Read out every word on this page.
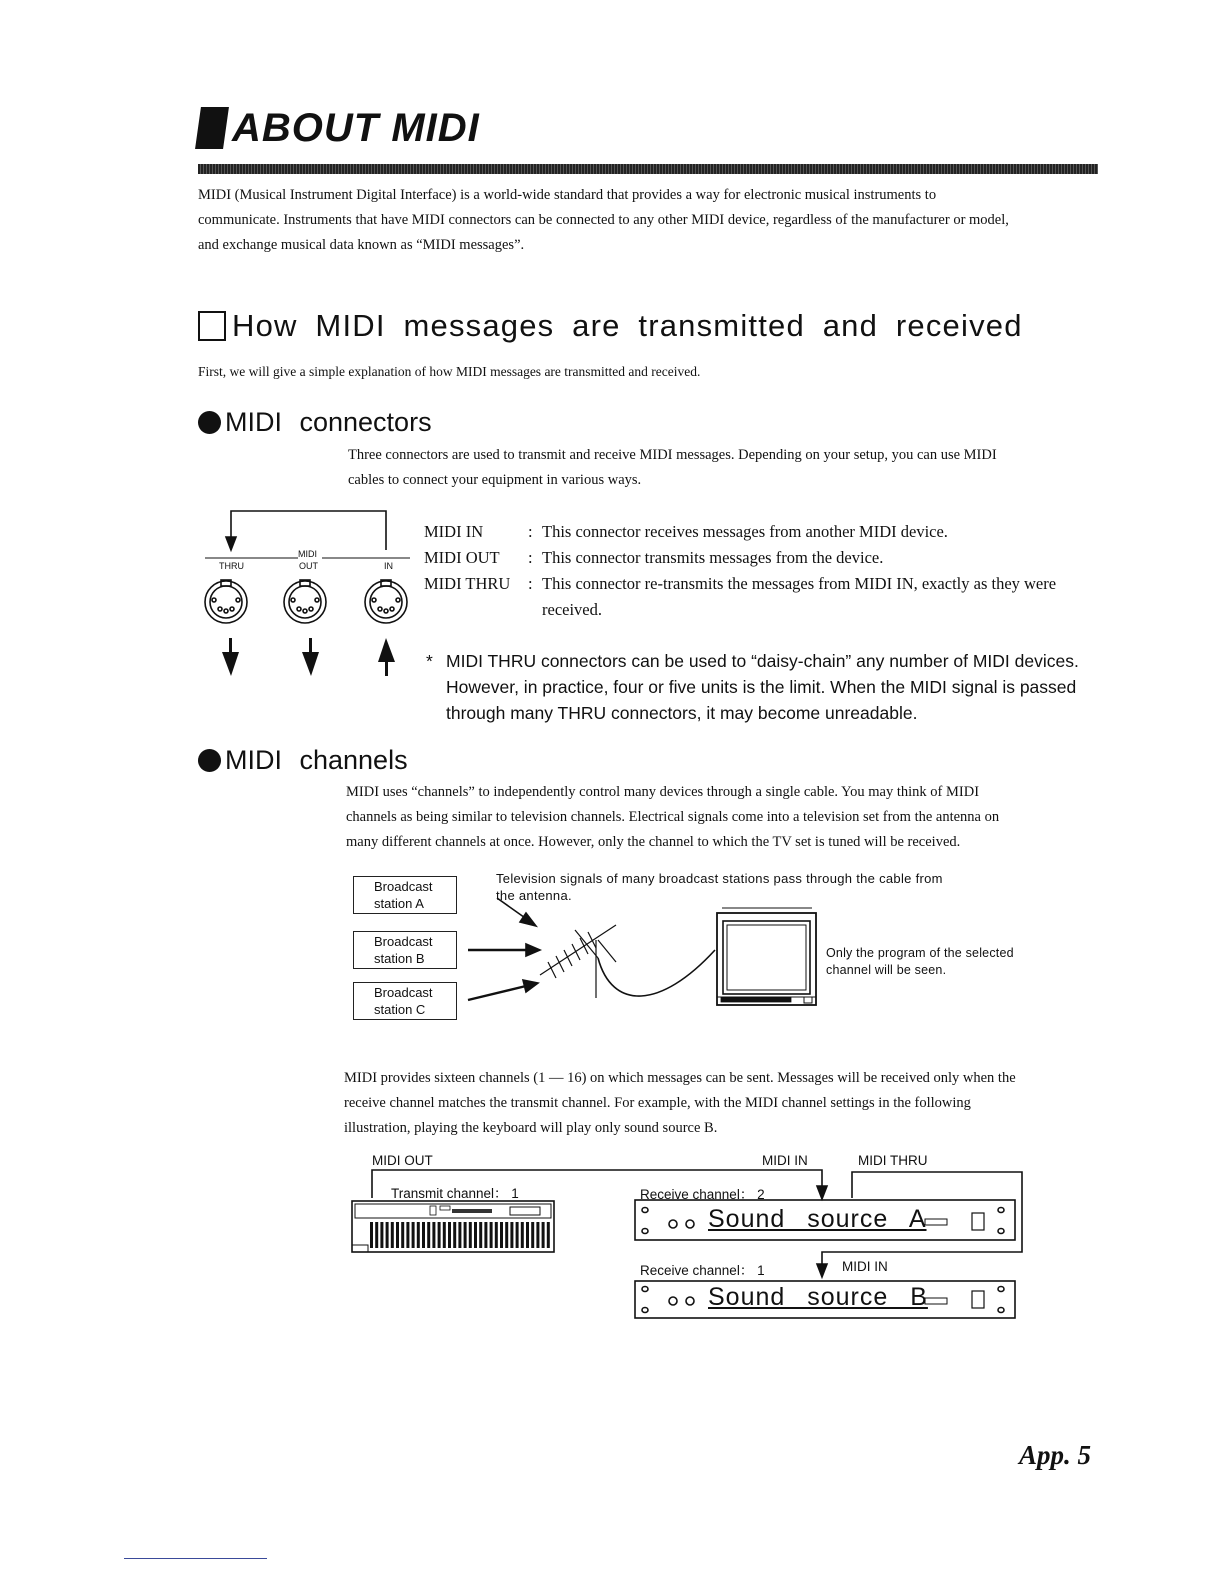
ABOUT MIDI
MIDI (Musical Instrument Digital Interface) is a world-wide standard that provides a way for electronic musical instruments to
communicate. Instruments that have MIDI connectors can be connected to any other MIDI device, regardless of the manufacturer or model,
and exchange musical data known as “MIDI messages”.
How MIDI messages are transmitted and received
First, we will give a simple explanation of how MIDI messages are transmitted and received.
MIDI connectors
Three connectors are used to transmit and receive MIDI messages. Depending on your setup, you can use MIDI
cables to connect your equipment in various ways.
MIDI
THRU	OUT	IN
MIDI IN	: This connector receives messages from another MIDI device.
MIDI OUT	: This connector transmits messages from the device.
MIDI THRU	: This connector re-transmits the messages from MIDI IN, exactly as they were
received.
* MIDI THRU connectors can be used to “daisy-chain” any number of MIDI devices.
However, in practice, four or five units is the limit. When the MIDI signal is passed
through many THRU connectors, it may become unreadable.
MIDI channels
MIDI uses “channels” to independently control many devices through a single cable. You may think of MIDI
channels as being similar to television channels. Electrical signals come into a television set from the antenna on
many different channels at once. However, only the channel to which the TV set is tuned will be received.
Broadcast
station A
Broadcast
station B
Broadcast
station C
Television signals of many broadcast stations pass through the cable from
the antenna.
Only the program of the selected
channel will be seen.
MIDI provides sixteen channels (1 — 16) on which messages can be sent. Messages will be received only when the
receive channel matches the transmit channel. For example, with the MIDI channel settings in the following
illustration, playing the keyboard will play only sound source B.
MIDI OUT	MIDI IN	MIDI THRU
Transmit channel： 1	Receive channel： 2
Receive channel： 1	MIDI IN
Sound source A
Sound source B
App. 5
